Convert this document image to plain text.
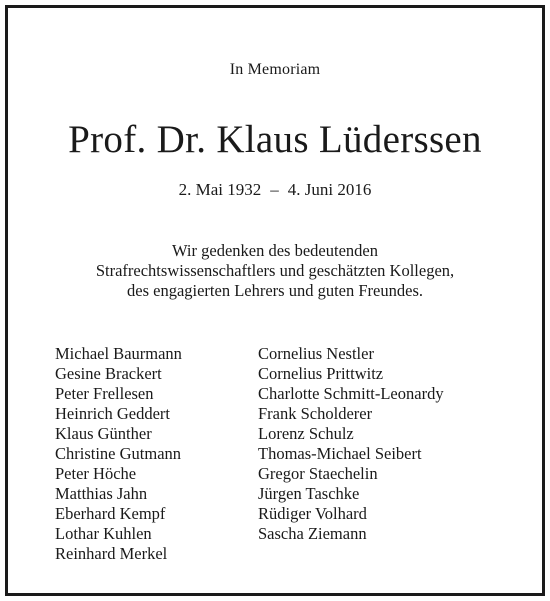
In Memoriam
Prof. Dr. Klaus Lüderssen
2. Mai 1932 – 4. Juni 2016
Wir gedenken des bedeutenden
Strafrechtswissenschaftlers und geschätzten Kollegen,
des engagierten Lehrers und guten Freundes.
Michael Baurmann
Gesine Brackert
Peter Frellesen
Heinrich Geddert
Klaus Günther
Christine Gutmann
Peter Höche
Matthias Jahn
Eberhard Kempf
Lothar Kuhlen
Reinhard Merkel
Cornelius Nestler
Cornelius Prittwitz
Charlotte Schmitt-Leonardy
Frank Scholderer
Lorenz Schulz
Thomas-Michael Seibert
Gregor Staechelin
Jürgen Taschke
Rüdiger Volhard
Sascha Ziemann
